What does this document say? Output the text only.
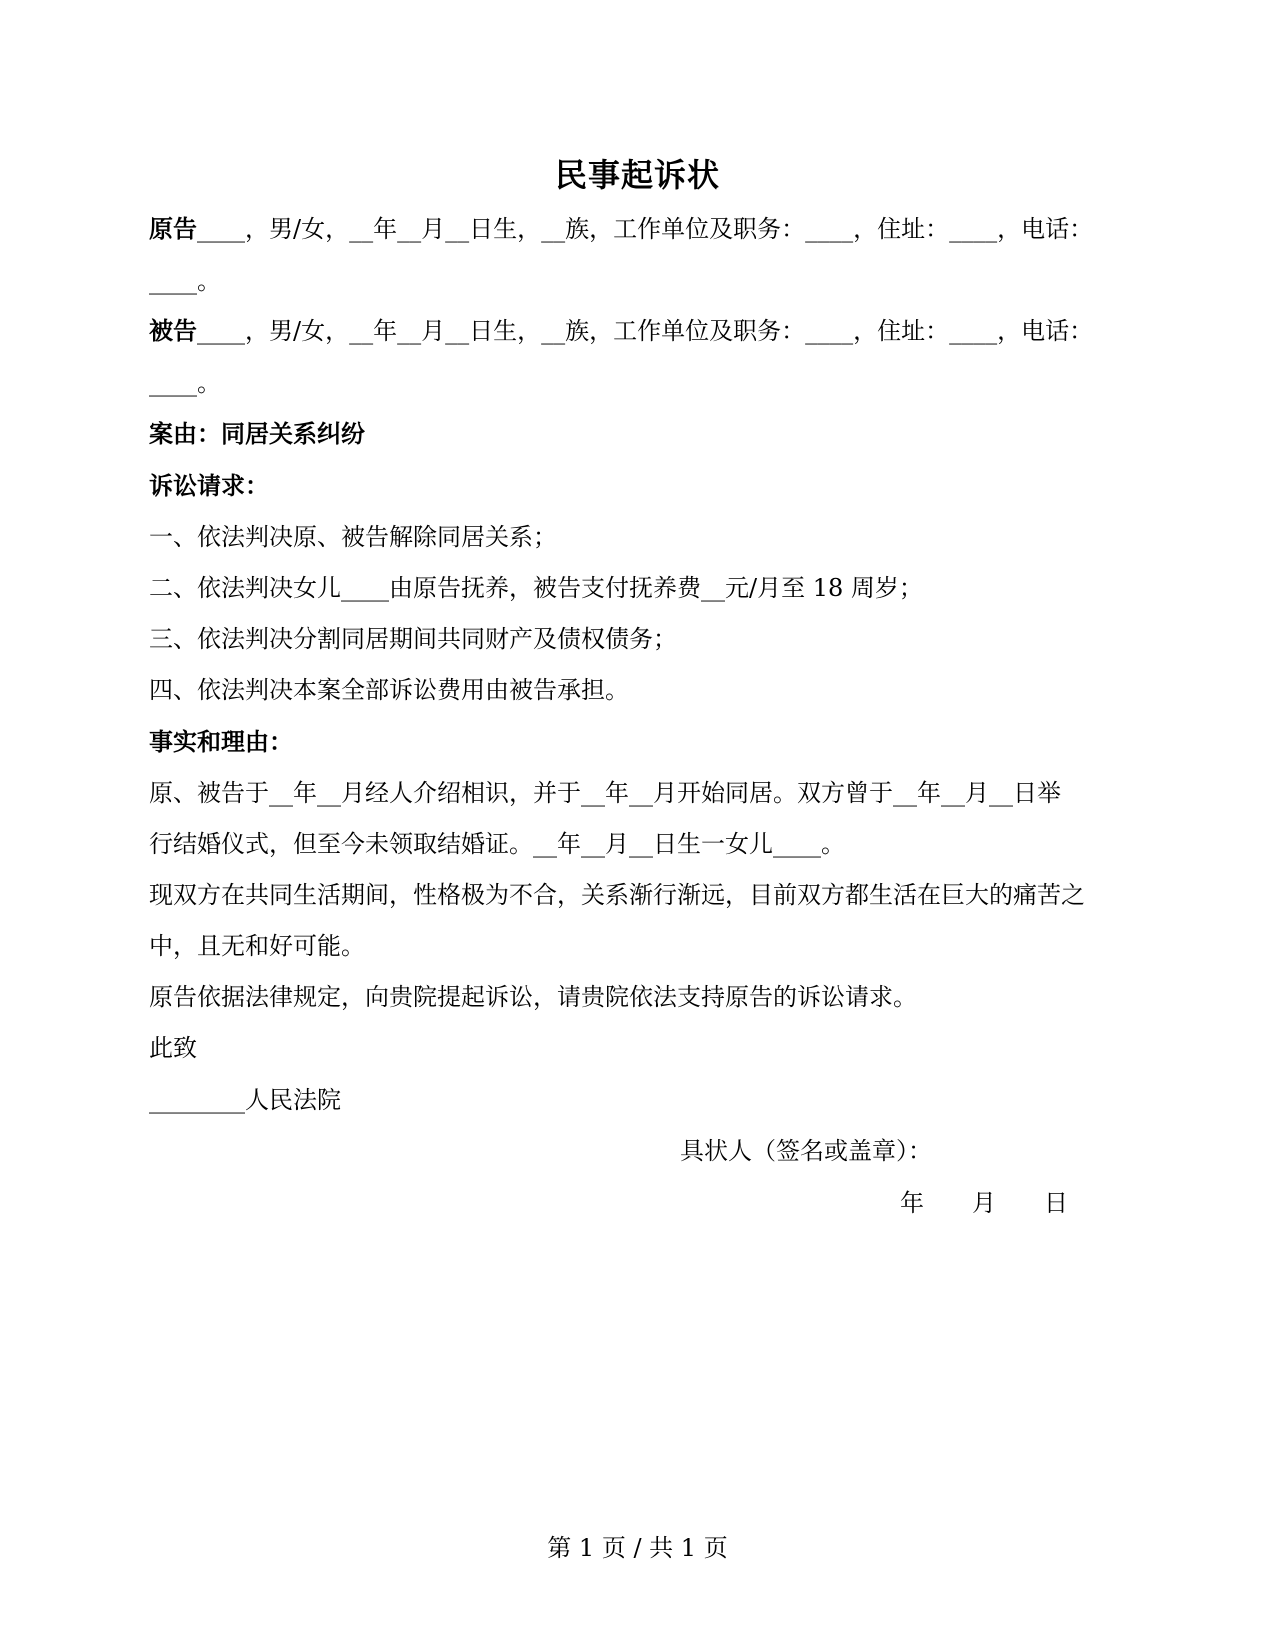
民事起诉状
原告____，男/女，__年__月__日生，__族，工作单位及职务：____，住址：____，电话：
____。
被告____，男/女，__年__月__日生，__族，工作单位及职务：____，住址：____，电话：
____。
案由：同居关系纠纷
诉讼请求：
一、依法判决原、被告解除同居关系；
二、依法判决女儿____由原告抚养，被告支付抚养费__元/月至 18 周岁；
三、依法判决分割同居期间共同财产及债权债务；
四、依法判决本案全部诉讼费用由被告承担。
事实和理由：
原、被告于__年__月经人介绍相识，并于__年__月开始同居。双方曾于__年__月__日举
行结婚仪式，但至今未领取结婚证。__年__月__日生一女儿____。
现双方在共同生活期间，性格极为不合，关系渐行渐远，目前双方都生活在巨大的痛苦之
中，且无和好可能。
原告依据法律规定，向贵院提起诉讼，请贵院依法支持原告的诉讼请求。
此致
________人民法院
具状人（签名或盖章）：
年　　月　　日
第 1 页 / 共 1 页
